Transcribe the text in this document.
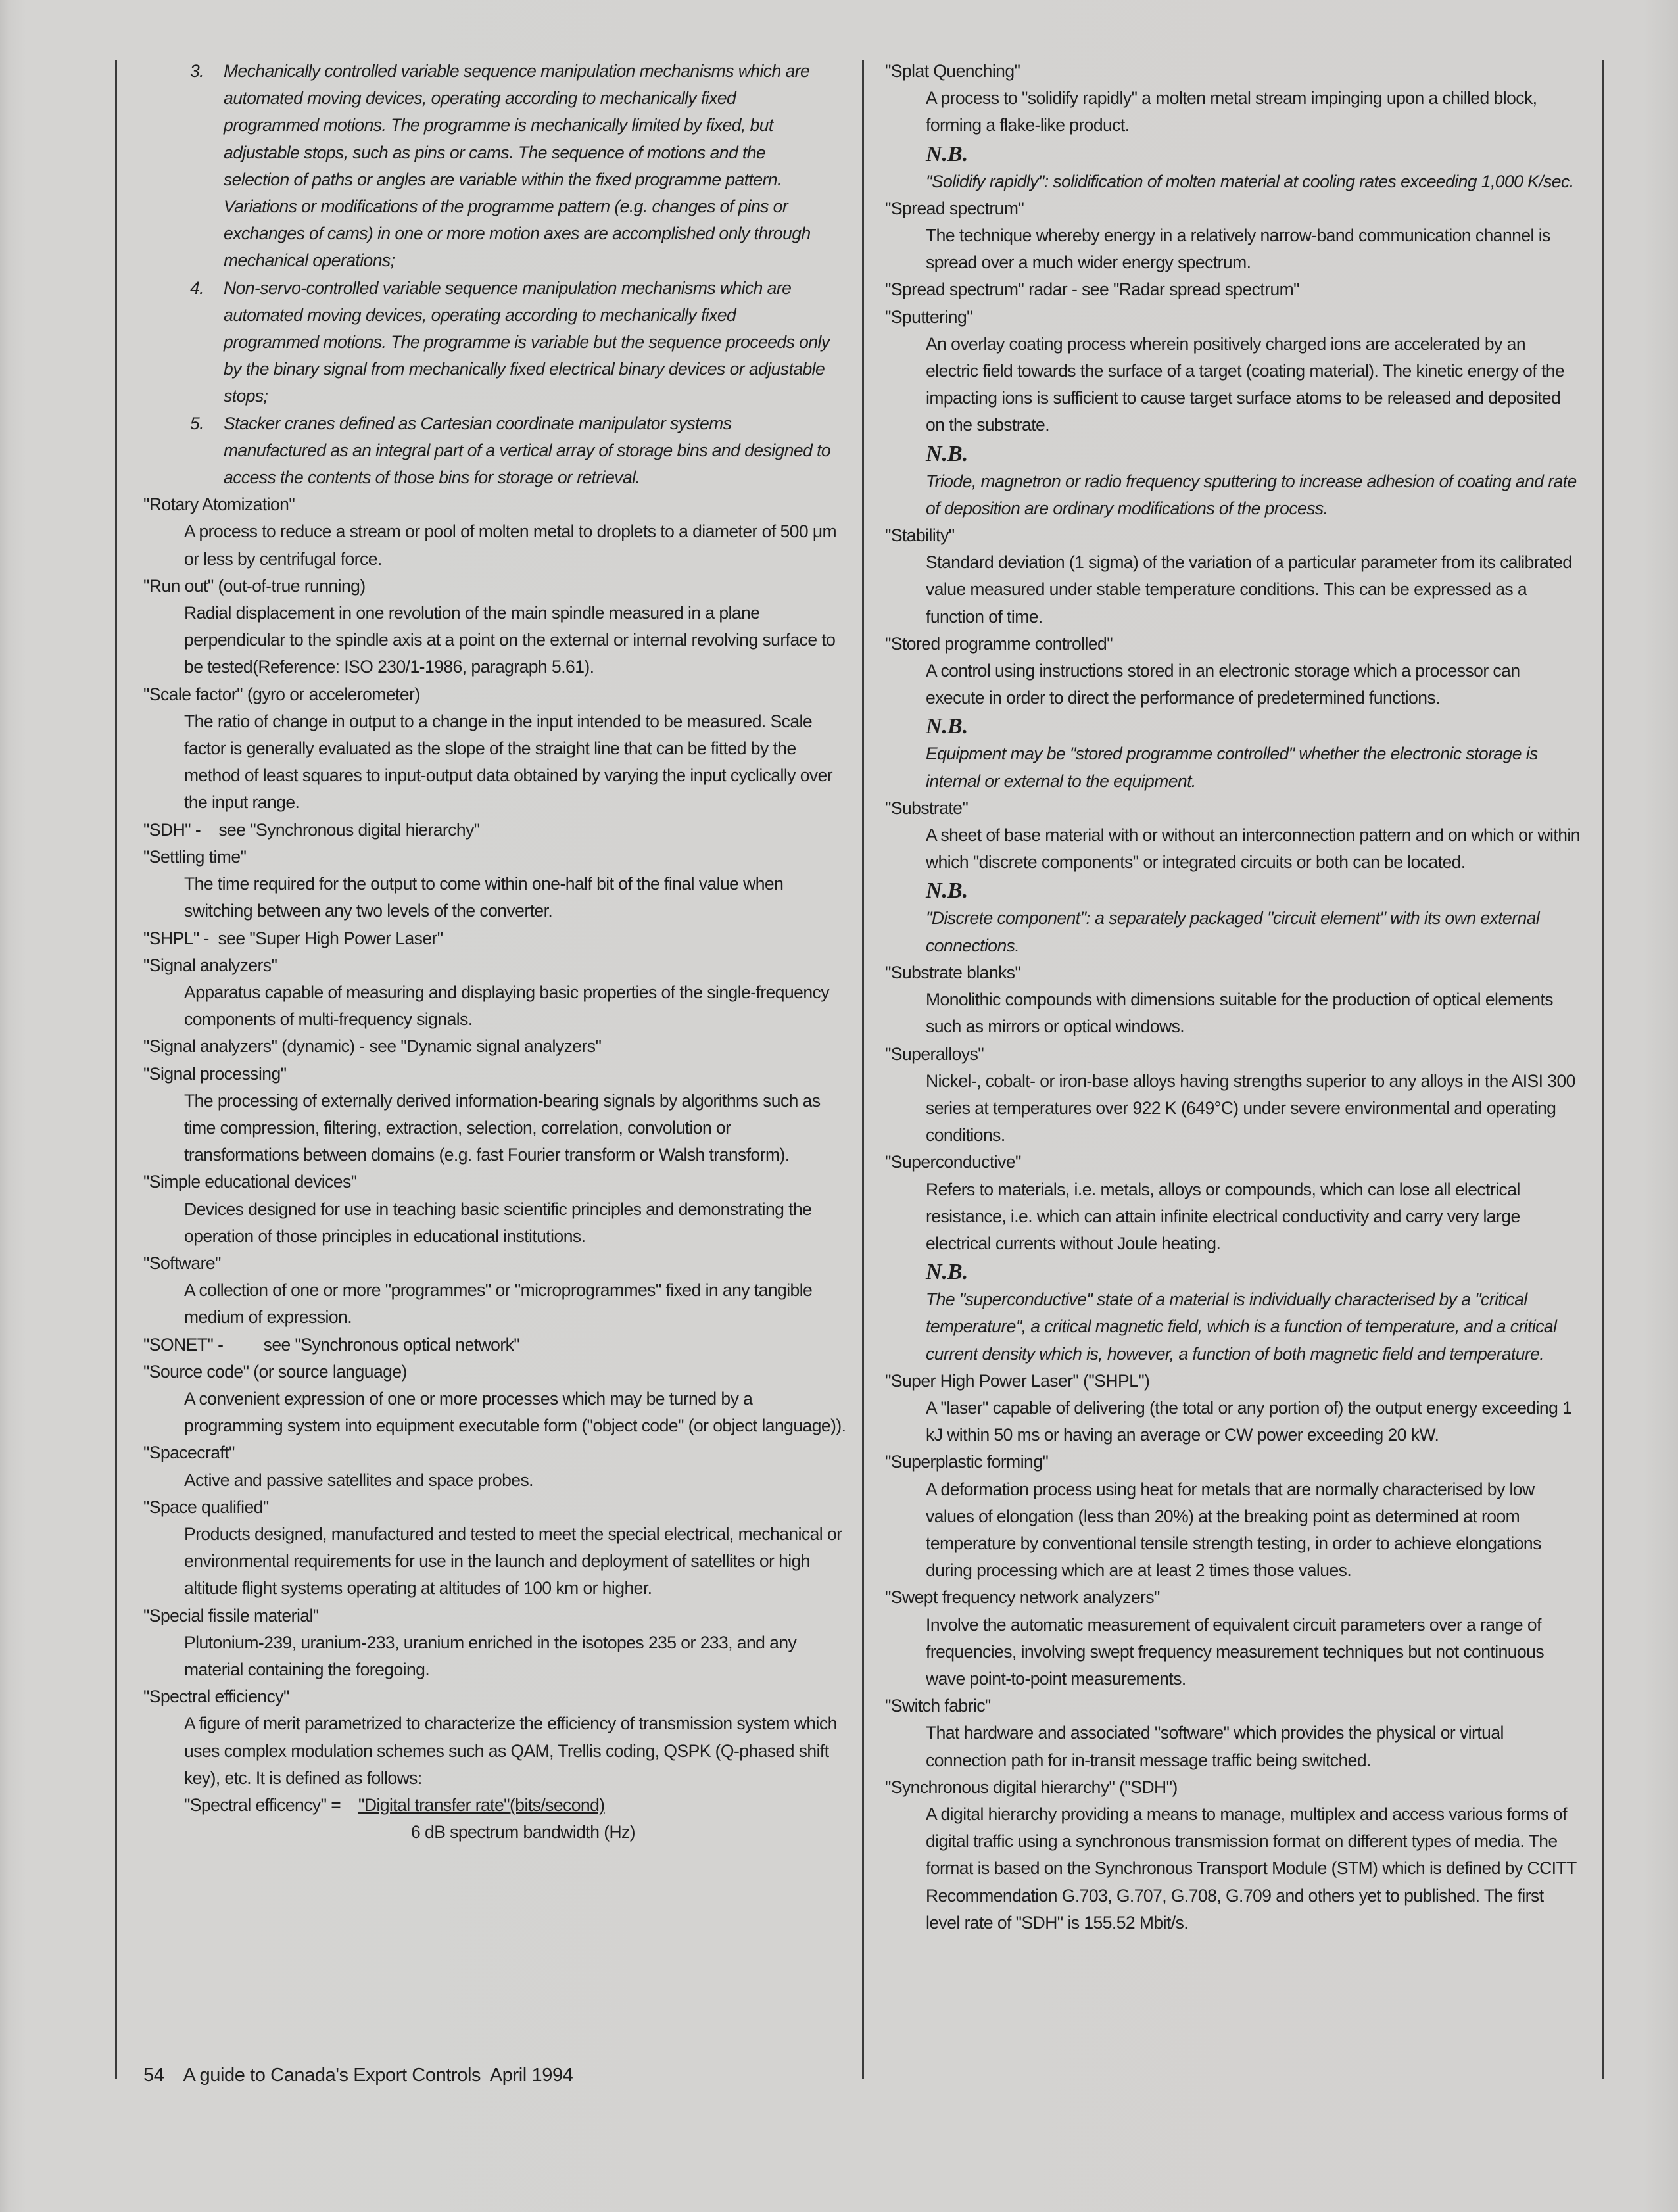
3.	Mechanically controlled variable sequence manipulation mechanisms which are automated moving devices, operating according to mechanically fixed programmed motions. The programme is mechanically limited by fixed, but adjustable stops, such as pins or cams. The sequence of motions and the selection of paths or angles are variable within the fixed programme pattern. Variations or modifications of the programme pattern (e.g. changes of pins or exchanges of cams) in one or more motion axes are accomplished only through mechanical operations;
4.	Non-servo-controlled variable sequence manipulation mechanisms which are automated moving devices, operating according to mechanically fixed programmed motions. The programme is variable but the sequence proceeds only by the binary signal from mechanically fixed electrical binary devices or adjustable stops;
5.	Stacker cranes defined as Cartesian coordinate manipulator systems manufactured as an integral part of a vertical array of storage bins and designed to access the contents of those bins for storage or retrieval.
"Rotary Atomization"
A process to reduce a stream or pool of molten metal to droplets to a diameter of 500 μm or less by centrifugal force.
"Run out" (out-of-true running)
Radial displacement in one revolution of the main spindle measured in a plane perpendicular to the spindle axis at a point on the external or internal revolving surface to be tested(Reference: ISO 230/1-1986, paragraph 5.61).
"Scale factor" (gyro or accelerometer)
The ratio of change in output to a change in the input intended to be measured. Scale factor is generally evaluated as the slope of the straight line that can be fitted by the method of least squares to input-output data obtained by varying the input cyclically over the input range.
"SDH" -    see "Synchronous digital hierarchy"
"Settling time"
The time required for the output to come within one-half bit of the final value when switching between any two levels of the converter.
"SHPL" -  see "Super High Power Laser"
"Signal analyzers"
Apparatus capable of measuring and displaying basic properties of the single-frequency components of multi-frequency signals.
"Signal analyzers" (dynamic) - see "Dynamic signal analyzers"
"Signal processing"
The processing of externally derived information-bearing signals by algorithms such as time compression, filtering, extraction, selection, correlation, convolution or transformations between domains (e.g. fast Fourier transform or Walsh transform).
"Simple educational devices"
Devices designed for use in teaching basic scientific principles and demonstrating the operation of those principles in educational institutions.
"Software"
A collection of one or more "programmes" or "microprogrammes" fixed in any tangible medium of expression.
"SONET" -         see "Synchronous optical network"
"Source code" (or source language)
A convenient expression of one or more processes which may be turned by a programming system into equipment executable form ("object code" (or object language)).
"Spacecraft"
Active and passive satellites and space probes.
"Space qualified"
Products designed, manufactured and tested to meet the special electrical, mechanical or environmental requirements for use in the launch and deployment of satellites or high altitude flight systems operating at altitudes of 100 km or higher.
"Special fissile material"
Plutonium-239, uranium-233, uranium enriched in the isotopes 235 or 233, and any material containing the foregoing.
"Spectral efficiency"
A figure of merit parametrized to characterize the efficiency of transmission system which uses complex modulation schemes such as QAM, Trellis coding, QSPK (Q-phased shift key), etc. It is defined as follows:
"Spectral efficency" = "Digital transfer rate"(bits/second)
6 dB spectrum bandwidth (Hz)
"Splat Quenching"
A process to "solidify rapidly" a molten metal stream impinging upon a chilled block, forming a flake-like product.
N.B.
"Solidify rapidly": solidification of molten material at cooling rates exceeding 1,000 K/sec.
"Spread spectrum"
The technique whereby energy in a relatively narrow-band communication channel is spread over a much wider energy spectrum.
"Spread spectrum" radar - see "Radar spread spectrum"
"Sputtering"
An overlay coating process wherein positively charged ions are accelerated by an electric field towards the surface of a target (coating material). The kinetic energy of the impacting ions is sufficient to cause target surface atoms to be released and deposited on the substrate.
N.B.
Triode, magnetron or radio frequency sputtering to increase adhesion of coating and rate of deposition are ordinary modifications of the process.
"Stability"
Standard deviation (1 sigma) of the variation of a particular parameter from its calibrated value measured under stable temperature conditions. This can be expressed as a function of time.
"Stored programme controlled"
A control using instructions stored in an electronic storage which a processor can execute in order to direct the performance of predetermined functions.
N.B.
Equipment may be "stored programme controlled" whether the electronic storage is internal or external to the equipment.
"Substrate"
A sheet of base material with or without an interconnection pattern and on which or within which "discrete components" or integrated circuits or both can be located.
N.B.
"Discrete component": a separately packaged "circuit element" with its own external connections.
"Substrate blanks"
Monolithic compounds with dimensions suitable for the production of optical elements such as mirrors or optical windows.
"Superalloys"
Nickel-, cobalt- or iron-base alloys having strengths superior to any alloys in the AISI 300 series at temperatures over 922 K (649°C) under severe environmental and operating conditions.
"Superconductive"
Refers to materials, i.e. metals, alloys or compounds, which can lose all electrical resistance, i.e. which can attain infinite electrical conductivity and carry very large electrical currents without Joule heating.
N.B.
The "superconductive" state of a material is individually characterised by a "critical temperature", a critical magnetic field, which is a function of temperature, and a critical current density which is, however, a function of both magnetic field and temperature.
"Super High Power Laser" ("SHPL")
A "laser" capable of delivering (the total or any portion of) the output energy exceeding 1 kJ within 50 ms or having an average or CW power exceeding 20 kW.
"Superplastic forming"
A deformation process using heat for metals that are normally characterised by low values of elongation (less than 20%) at the breaking point as determined at room temperature by conventional tensile strength testing, in order to achieve elongations during processing which are at least 2 times those values.
"Swept frequency network analyzers"
Involve the automatic measurement of equivalent circuit parameters over a range of frequencies, involving swept frequency measurement techniques but not continuous wave point-to-point measurements.
"Switch fabric"
That hardware and associated "software" which provides the physical or virtual connection path for in-transit message traffic being switched.
"Synchronous digital hierarchy" ("SDH")
A digital hierarchy providing a means to manage, multiplex and access various forms of digital traffic using a synchronous transmission format on different types of media. The format is based on the Synchronous Transport Module (STM) which is defined by CCITT Recommendation G.703, G.707, G.708, G.709 and others yet to published. The first level rate of "SDH" is 155.52 Mbit/s.
54 A guide to Canada's Export Controls April 1994
